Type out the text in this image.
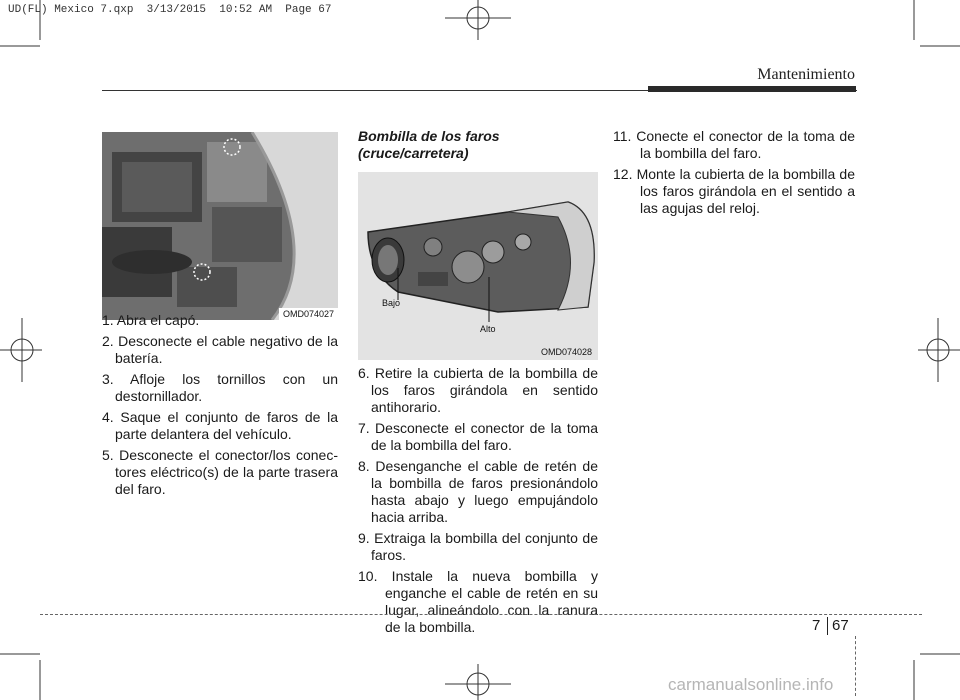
UD(FL) Mexico 7.qxp  3/13/2015  10:52 AM  Page 67
Mantenimiento
OMD074027
1. Abra el capó.
2. Desconecte el cable negativo de la batería.
3. Afloje los tornillos con un destornillador.
4. Saque el conjunto de faros de la parte delantera del vehículo.
5. Desconecte el conector/los conec-tores eléctrico(s) de la parte trasera del faro.
Bombilla de los faros
(cruce/carretera)
Bajo
Alto
OMD074028
6. Retire la cubierta de la bombilla de los faros girándola en sentido antihorario.
7. Desconecte el conector de la toma de la bombilla del faro.
8. Desenganche el cable de retén de la bombilla de faros presionándolo hasta abajo y luego empujándolo hacia arriba.
9. Extraiga la bombilla del conjunto de faros.
10. Instale la nueva bombilla y enganche el cable de retén en su lugar, alineándolo con la ranura de la bombilla.
11. Conecte el conector de la toma de la bombilla del faro.
12. Monte la cubierta de la bombilla de los faros girándola en el sentido a las agujas del reloj.
7 67
carmanualsonline.info
